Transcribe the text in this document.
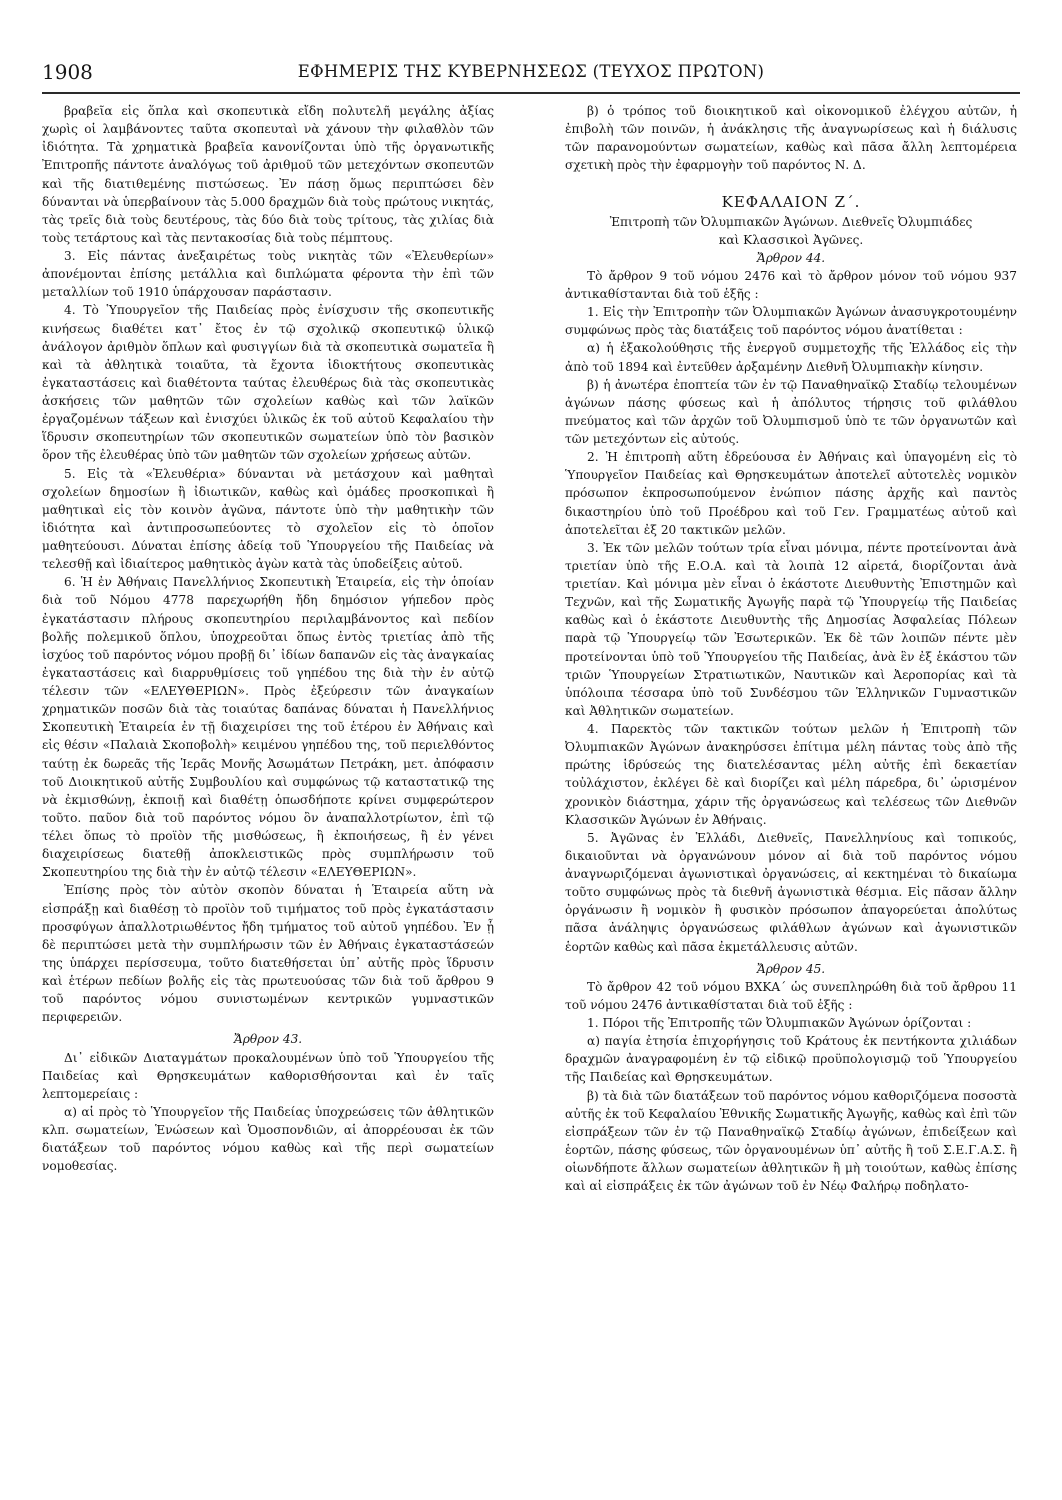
1908	ΕΦΗΜΕΡΙΣ ΤΗΣ ΚΥΒΕΡΝΗΣΕΩΣ (ΤΕΥΧΟΣ ΠΡΩΤΟΝ)

βραβεῖα εἰς ὅπλα καὶ σκοπευτικὰ εἴδη πολυτελῆ μεγάλης ἀξίας χωρὶς οἱ λαμβάνοντες ταῦτα σκοπευταὶ νὰ χάνουν τὴν φιλαθλὸν τῶν ἰδιότητα. Τὰ χρηματικὰ βραβεῖα κανονίζονται ὑπὸ τῆς ὀργανωτικῆς Ἐπιτροπῆς πάντοτε ἀναλόγως τοῦ ἀριθμοῦ τῶν μετεχόντων σκοπευτῶν καὶ τῆς διατιθεμένης πιστώσεως. Ἐν πάσῃ ὅμως περιπτώσει δὲν δύνανται νὰ ὑπερβαίνουν τὰς 5.000 δραχμῶν διὰ τοὺς πρώτους νικητάς, τὰς τρεῖς διὰ τοὺς δευτέρους, τὰς δύο διὰ τοὺς τρίτους, τὰς χιλίας διὰ τοὺς τετάρτους καὶ τὰς πεντακοσίας διὰ τοὺς πέμπτους.

3. Εἰς πάντας ἀνεξαιρέτως τοὺς νικητὰς τῶν «Ἐλευθερίων» ἀπονέμονται ἐπίσης μετάλλια καὶ διπλώματα φέροντα τὴν ἐπὶ τῶν μεταλλίων τοῦ 1910 ὑπάρχουσαν παράστασιν.

4. Τὸ Ὑπουργεῖον τῆς Παιδείας πρὸς ἐνίσχυσιν τῆς σκοπευτικῆς κινήσεως διαθέτει κατ᾽ ἔτος ἐν τῷ σχολικῷ σκοπευτικῷ ὑλικῷ ἀνάλογον ἀριθμὸν ὅπλων καὶ φυσιγγίων διὰ τὰ σκοπευτικὰ σωματεῖα ἢ καὶ τὰ ἀθλητικὰ τοιαῦτα, τὰ ἔχοντα ἰδιοκτήτους σκοπευτικὰς ἐγκαταστάσεις καὶ διαθέτοντα ταύτας ἐλευθέρως διὰ τὰς σκοπευτικὰς ἀσκήσεις τῶν μαθητῶν τῶν σχολείων καθὼς καὶ τῶν λαϊκῶν ἐργαζομένων τάξεων καὶ ἐνισχύει ὑλικῶς ἐκ τοῦ αὐτοῦ Κεφαλαίου τὴν ἵδρυσιν σκοπευτηρίων τῶν σκοπευτικῶν σωματείων ὑπὸ τὸν βασικὸν ὅρον τῆς ἐλευθέρας ὑπὸ τῶν μαθητῶν τῶν σχολείων χρήσεως αὐτῶν.

5. Εἰς τὰ «Ἐλευθέρια» δύνανται νὰ μετάσχουν καὶ μαθηταὶ σχολείων δημοσίων ἢ ἰδιωτικῶν, καθὼς καὶ ὁμάδες προσκοπικαὶ ἢ μαθητικαὶ εἰς τὸν κοινὸν ἀγῶνα, πάντοτε ὑπὸ τὴν μαθητικὴν τῶν ἰδιότητα καὶ ἀντιπροσωπεύοντες τὸ σχολεῖον εἰς τὸ ὁποῖον μαθητεύουσι. Δύναται ἐπίσης ἀδείᾳ τοῦ Ὑπουργείου τῆς Παιδείας νὰ τελεσθῇ καὶ ἰδιαίτερος μαθητικὸς ἀγὼν κατὰ τὰς ὑποδείξεις αὐτοῦ.

6. Ἡ ἐν Ἀθήναις Πανελλήνιος Σκοπευτικὴ Ἑταιρεία, εἰς τὴν ὁποίαν διὰ τοῦ Νόμου 4778 παρεχωρήθη ἤδη δημόσιον γήπεδον πρὸς ἐγκατάστασιν πλήρους σκοπευτηρίου περιλαμβάνοντος καὶ πεδίον βολῆς πολεμικοῦ ὅπλου, ὑποχρεοῦται ὅπως ἐντὸς τριετίας ἀπὸ τῆς ἰσχύος τοῦ παρόντος νόμου προβῇ δι᾽ ἰδίων δαπανῶν εἰς τὰς ἀναγκαίας ἐγκαταστάσεις καὶ διαρρυθμίσεις τοῦ γηπέδου της διὰ τὴν ἐν αὐτῷ τέλεσιν τῶν «ΕΛΕΥΘΕΡΙΩΝ». Πρὸς ἐξεύρεσιν τῶν ἀναγκαίων χρηματικῶν ποσῶν διὰ τὰς τοιαύτας δαπάνας δύναται ἡ Πανελλήνιος Σκοπευτικὴ Ἑταιρεία ἐν τῇ διαχειρίσει της τοῦ ἑτέρου ἐν Ἀθήναις καὶ εἰς θέσιν «Παλαιὰ Σκοποβολὴ» κειμένου γηπέδου της, τοῦ περιελθόντος ταύτῃ ἐκ δωρεᾶς τῆς Ἱερᾶς Μονῆς Ἀσωμάτων Πετράκη, μετ. ἀπόφασιν τοῦ Διοικητικοῦ αὐτῆς Συμβουλίου καὶ συμφώνως τῷ καταστατικῷ της νὰ ἐκμισθώνῃ, ἐκποιῇ καὶ διαθέτῃ ὁπωσδήποτε κρίνει συμφερώτερον τοῦτο. παῦον διὰ τοῦ παρόντος νόμου ὂν ἀναπαλλοτρίωτον, ἐπὶ τῷ τέλει ὅπως τὸ προϊὸν τῆς μισθώσεως, ἢ ἐκποιήσεως, ἢ ἐν γένει διαχειρίσεως διατεθῇ ἀποκλειστικῶς πρὸς συμπλήρωσιν τοῦ Σκοπευτηρίου της διὰ τὴν ἐν αὐτῷ τέλεσιν «ΕΛΕΥΘΕΡΙΩΝ».

Ἐπίσης πρὸς τὸν αὐτὸν σκοπὸν δύναται ἡ Ἑταιρεία αὕτη νὰ εἰσπράξῃ καὶ διαθέσῃ τὸ προϊὸν τοῦ τιμήματος τοῦ πρὸς ἐγκατάστασιν προσφύγων ἀπαλλοτριωθέντος ἤδη τμήματος τοῦ αὐτοῦ γηπέδου. Ἐν ᾗ δὲ περιπτώσει μετὰ τὴν συμπλήρωσιν τῶν ἐν Ἀθήναις ἐγκαταστάσεών της ὑπάρχει περίσσευμα, τοῦτο διατεθήσεται ὑπ᾽ αὐτῆς πρὸς ἵδρυσιν καὶ ἑτέρων πεδίων βολῆς εἰς τὰς πρωτευούσας τῶν διὰ τοῦ ἄρθρου 9 τοῦ παρόντος νόμου συνιστωμένων κεντρικῶν γυμναστικῶν περιφερειῶν.

Ἄρθρον 43.

Δι᾽ εἰδικῶν Διαταγμάτων προκαλουμένων ὑπὸ τοῦ Ὑπουργείου τῆς Παιδείας καὶ Θρησκευμάτων καθορισθήσονται καὶ ἐν ταῖς λεπτομερείαις :

α) αἱ πρὸς τὸ Ὑπουργεῖον τῆς Παιδείας ὑποχρεώσεις τῶν ἀθλητικῶν κλπ. σωματείων, Ἑνώσεων καὶ Ὁμοσπονδιῶν, αἱ ἀπορρέουσαι ἐκ τῶν διατάξεων τοῦ παρόντος νόμου καθὼς καὶ τῆς περὶ σωματείων νομοθεσίας.

β) ὁ τρόπος τοῦ διοικητικοῦ καὶ οἰκονομικοῦ ἐλέγχου αὐτῶν, ἡ ἐπιβολὴ τῶν ποινῶν, ἡ ἀνάκλησις τῆς ἀναγνωρίσεως καὶ ἡ διάλυσις τῶν παρανομούντων σωματείων, καθὼς καὶ πᾶσα ἄλλη λεπτομέρεια σχετικὴ πρὸς τὴν ἐφαρμογὴν τοῦ παρόντος Ν. Δ.

ΚΕΦΑΛΑΙΟΝ Ζ΄.

Ἐπιτροπὴ τῶν Ὀλυμπιακῶν Ἀγώνων. Διεθνεῖς Ὀλυμπιάδες

καὶ Κλασσικοὶ Ἀγῶνες.

Ἄρθρον 44.

Τὸ ἄρθρον 9 τοῦ νόμου 2476 καὶ τὸ ἄρθρον μόνον τοῦ νόμου 937 ἀντικαθίστανται διὰ τοῦ ἑξῆς :

1. Εἰς τὴν Ἐπιτροπὴν τῶν Ὀλυμπιακῶν Ἀγώνων ἀνασυγκροτουμένην συμφώνως πρὸς τὰς διατάξεις τοῦ παρόντος νόμου ἀνατίθεται :

α) ἡ ἐξακολούθησις τῆς ἐνεργοῦ συμμετοχῆς τῆς Ἑλλάδος εἰς τὴν ἀπὸ τοῦ 1894 καὶ ἐντεῦθεν ἀρξαμένην Διεθνῆ Ὀλυμπιακὴν κίνησιν.

β) ἡ ἀνωτέρα ἐποπτεία τῶν ἐν τῷ Παναθηναϊκῷ Σταδίῳ τελουμένων ἀγώνων πάσης φύσεως καὶ ἡ ἀπόλυτος τήρησις τοῦ φιλάθλου πνεύματος καὶ τῶν ἀρχῶν τοῦ Ὀλυμπισμοῦ ὑπὸ τε τῶν ὀργανωτῶν καὶ τῶν μετεχόντων εἰς αὐτούς.

2. Ἡ ἐπιτροπὴ αὕτη ἐδρεύουσα ἐν Ἀθήναις καὶ ὑπαγομένη εἰς τὸ Ὑπουργεῖον Παιδείας καὶ Θρησκευμάτων ἀποτελεῖ αὐτοτελὲς νομικὸν πρόσωπον ἐκπροσωπούμενον ἐνώπιον πάσης ἀρχῆς καὶ παντὸς δικαστηρίου ὑπὸ τοῦ Προέδρου καὶ τοῦ Γεν. Γραμματέως αὐτοῦ καὶ ἀποτελεῖται ἐξ 20 τακτικῶν μελῶν.

3. Ἐκ τῶν μελῶν τούτων τρία εἶναι μόνιμα, πέντε προτείνονται ἀνὰ τριετίαν ὑπὸ τῆς Ε.Ο.Α. καὶ τὰ λοιπὰ 12 αἱρετά, διορίζονται ἀνὰ τριετίαν. Καὶ μόνιμα μὲν εἶναι ὁ ἑκάστοτε Διευθυντὴς Ἐπιστημῶν καὶ Τεχνῶν, καὶ τῆς Σωματικῆς Ἀγωγῆς παρὰ τῷ Ὑπουργείῳ τῆς Παιδείας καθὼς καὶ ὁ ἑκάστοτε Διευθυντὴς τῆς Δημοσίας Ἀσφαλείας Πόλεων παρὰ τῷ Ὑπουργείῳ τῶν Ἐσωτερικῶν. Ἐκ δὲ τῶν λοιπῶν πέντε μὲν προτείνονται ὑπὸ τοῦ Ὑπουργείου τῆς Παιδείας, ἀνὰ ἓν ἐξ ἑκάστου τῶν τριῶν Ὑπουργείων Στρατιωτικῶν, Ναυτικῶν καὶ Ἀεροπορίας καὶ τὰ ὑπόλοιπα τέσσαρα ὑπὸ τοῦ Συνδέσμου τῶν Ἑλληνικῶν Γυμναστικῶν καὶ Ἀθλητικῶν σωματείων.

4. Παρεκτὸς τῶν τακτικῶν τούτων μελῶν ἡ Ἐπιτροπὴ τῶν Ὀλυμπιακῶν Ἀγώνων ἀνακηρύσσει ἐπίτιμα μέλη πάντας τοὺς ἀπὸ τῆς πρώτης ἱδρύσεώς της διατελέσαντας μέλη αὐτῆς ἐπὶ δεκαετίαν τοὐλάχιστον, ἐκλέγει δὲ καὶ διορίζει καὶ μέλη πάρεδρα, δι᾽ ὡρισμένον χρονικὸν διάστημα, χάριν τῆς ὀργανώσεως καὶ τελέσεως τῶν Διεθνῶν Κλασσικῶν Ἀγώνων ἐν Ἀθήναις.

5. Ἀγῶνας ἐν Ἑλλάδι, Διεθνεῖς, Πανελληνίους καὶ τοπικούς, δικαιοῦνται νὰ ὀργανώνουν μόνον αἱ διὰ τοῦ παρόντος νόμου ἀναγνωριζόμεναι ἀγωνιστικαὶ ὀργανώσεις, αἱ κεκτημέναι τὸ δικαίωμα τοῦτο συμφώνως πρὸς τὰ διεθνῆ ἀγωνιστικὰ θέσμια. Εἰς πᾶσαν ἄλλην ὀργάνωσιν ἢ νομικὸν ἢ φυσικὸν πρόσωπον ἀπαγορεύεται ἀπολύτως πᾶσα ἀνάληψις ὀργανώσεως φιλάθλων ἀγώνων καὶ ἀγωνιστικῶν ἑορτῶν καθὼς καὶ πᾶσα ἐκμετάλλευσις αὐτῶν.

Ἄρθρον 45.

Τὸ ἄρθρον 42 τοῦ νόμου ΒΧΚΑ΄ ὡς συνεπληρώθη διὰ τοῦ ἄρθρου 11 τοῦ νόμου 2476 ἀντικαθίσταται διὰ τοῦ ἑξῆς :

1. Πόροι τῆς Ἐπιτροπῆς τῶν Ὀλυμπιακῶν Ἀγώνων ὁρίζονται :

α) παγία ἐτησία ἐπιχορήγησις τοῦ Κράτους ἐκ πεντήκοντα χιλιάδων δραχμῶν ἀναγραφομένη ἐν τῷ εἰδικῷ προϋπολογισμῷ τοῦ Ὑπουργείου τῆς Παιδείας καὶ Θρησκευμάτων.

β) τὰ διὰ τῶν διατάξεων τοῦ παρόντος νόμου καθοριζόμενα ποσοστὰ αὐτῆς ἐκ τοῦ Κεφαλαίου Ἐθνικῆς Σωματικῆς Ἀγωγῆς, καθὼς καὶ ἐπὶ τῶν εἰσπράξεων τῶν ἐν τῷ Παναθηναϊκῷ Σταδίῳ ἀγώνων, ἐπιδείξεων καὶ ἑορτῶν, πάσης φύσεως, τῶν ὀργανουμένων ὑπ᾽ αὐτῆς ἢ τοῦ Σ.Ε.Γ.Α.Σ. ἢ οἱωνδήποτε ἄλλων σωματείων ἀθλητικῶν ἢ μὴ τοιούτων, καθὼς ἐπίσης καὶ αἱ εἰσπράξεις ἐκ τῶν ἀγώνων τοῦ ἐν Νέῳ Φαλήρῳ ποδηλατο-
